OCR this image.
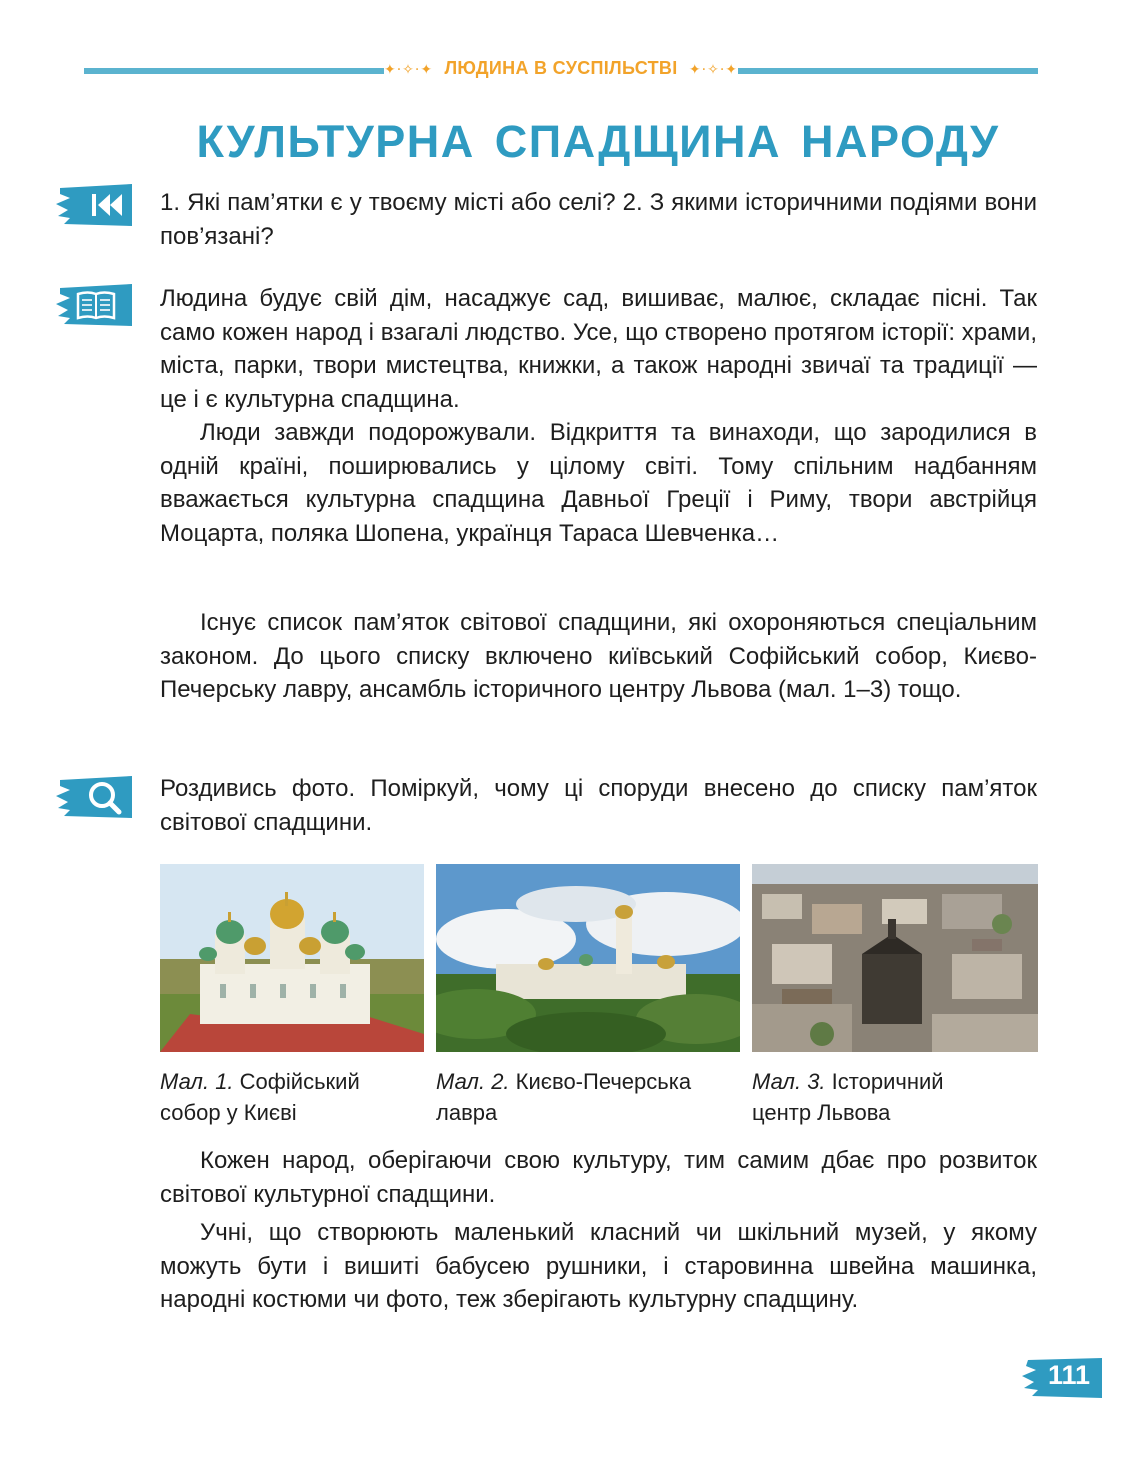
✦·✧·✦	✦·✧·✦
ЛЮДИНА В СУСПІЛЬСТВІ
КУЛЬТУРНА СПАДЩИНА НАРОДУ

1. Які пам’ятки є у твоєму місті або селі? 2. З якими історичними подіями вони пов’язані?

Людина будує свій дім, насаджує сад, вишиває, малює, складає пісні. Так само кожен народ і взагалі людство. Усе, що створено протягом історії: храми, міста, парки, твори мистецтва, книжки, а також народні звичаї та традиції — це і є культурна спадщина.

Люди завжди подорожували. Відкриття та винаходи, що зародилися в одній країні, поширювались у цілому світі. Тому спільним надбанням вважається культурна спадщина Давньої Греції і Риму, твори австрійця Моцарта, поляка Шопена, українця Тараса Шевченка…

Існує список пам’яток світової спадщини, які охороняються спеціальним законом. До цього списку включено київський Софійський собор, Києво-Печерську лавру, ансамбль історичного центру Львова (мал. 1–3) тощо.

Роздивись фото. Поміркуй, чому ці споруди внесено до списку пам’яток світової спадщини.

Мал. 1. Софійський собор у Києві

Мал. 2. Києво-Печерська лавра

Мал. 3. Історичний центр Львова

Кожен народ, оберігаючи свою культуру, тим самим дбає про розвиток світової культурної спадщини.

Учні, що створюють маленький класний чи шкільний музей, у якому можуть бути і вишиті бабусею рушники, і старовинна швейна машинка, народні костюми чи фото, теж зберігають культурну спадщину.

111
